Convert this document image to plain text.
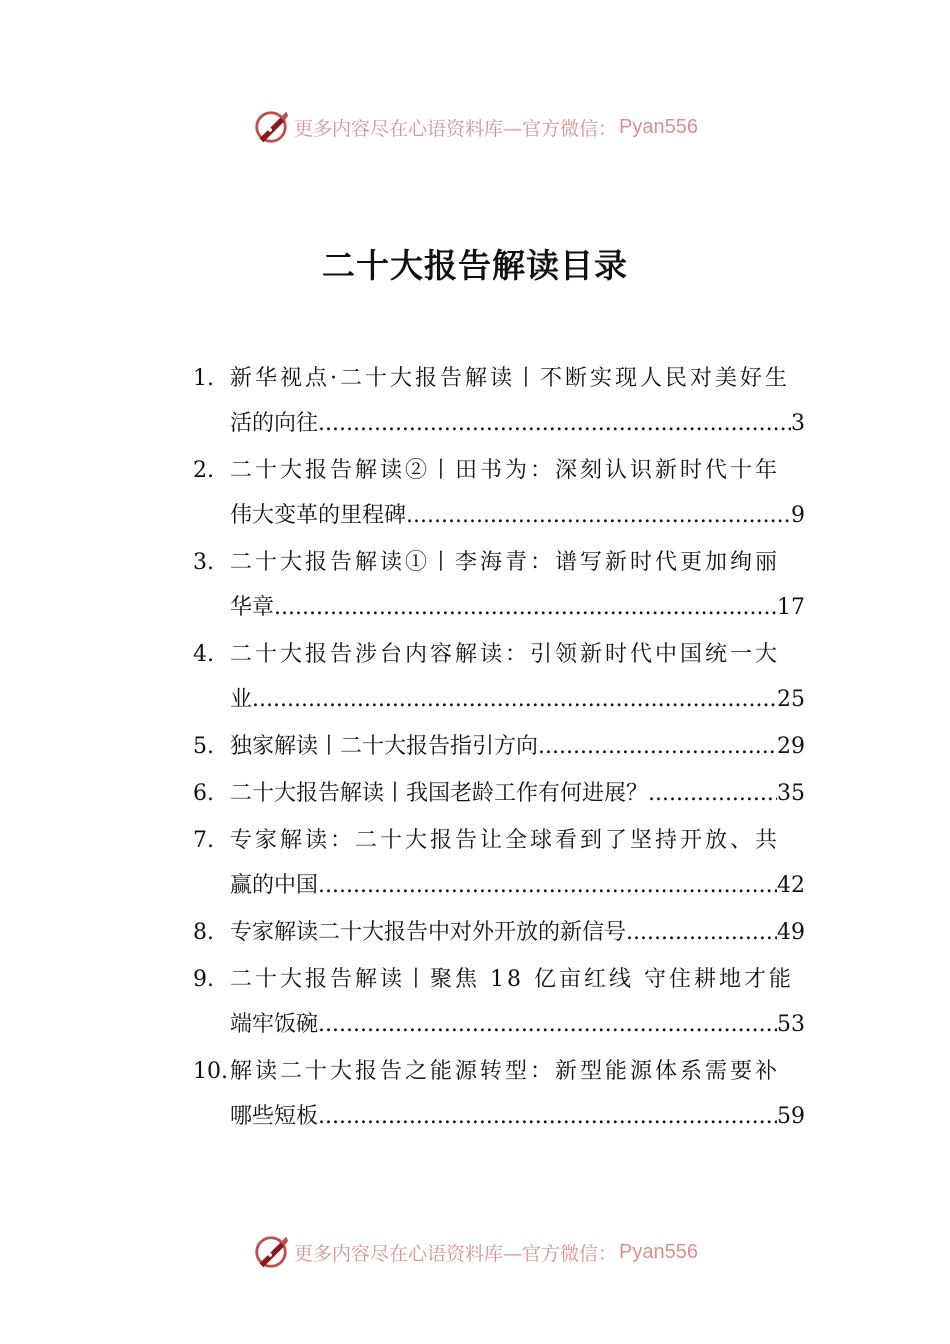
更多内容尽在心语资料库—官方微信： Pyan556
二十大报告解读目录
1. 新华视点·二十大报告解读丨不断实现人民对美好生
活的向往 .....	3
2. 二十大报告解读②丨田书为：深刻认识新时代十年
伟大变革的里程碑 .....	9
3. 二十大报告解读①丨李海青：谱写新时代更加绚丽
华章 .....	17
4. 二十大报告涉台内容解读：引领新时代中国统一大
业 .....	25
5. 独家解读丨二十大报告指引方向 .....	29
6. 二十大报告解读丨我国老龄工作有何进展？ .....	35
7. 专家解读：二十大报告让全球看到了坚持开放、共
赢的中国 .....	42
8. 专家解读二十大报告中对外开放的新信号 .....	49
9. 二十大报告解读丨聚焦 18 亿亩红线 守住耕地才能
端牢饭碗 .....	53
10. 解读二十大报告之能源转型：新型能源体系需要补
哪些短板 .....	59
更多内容尽在心语资料库—官方微信： Pyan556
